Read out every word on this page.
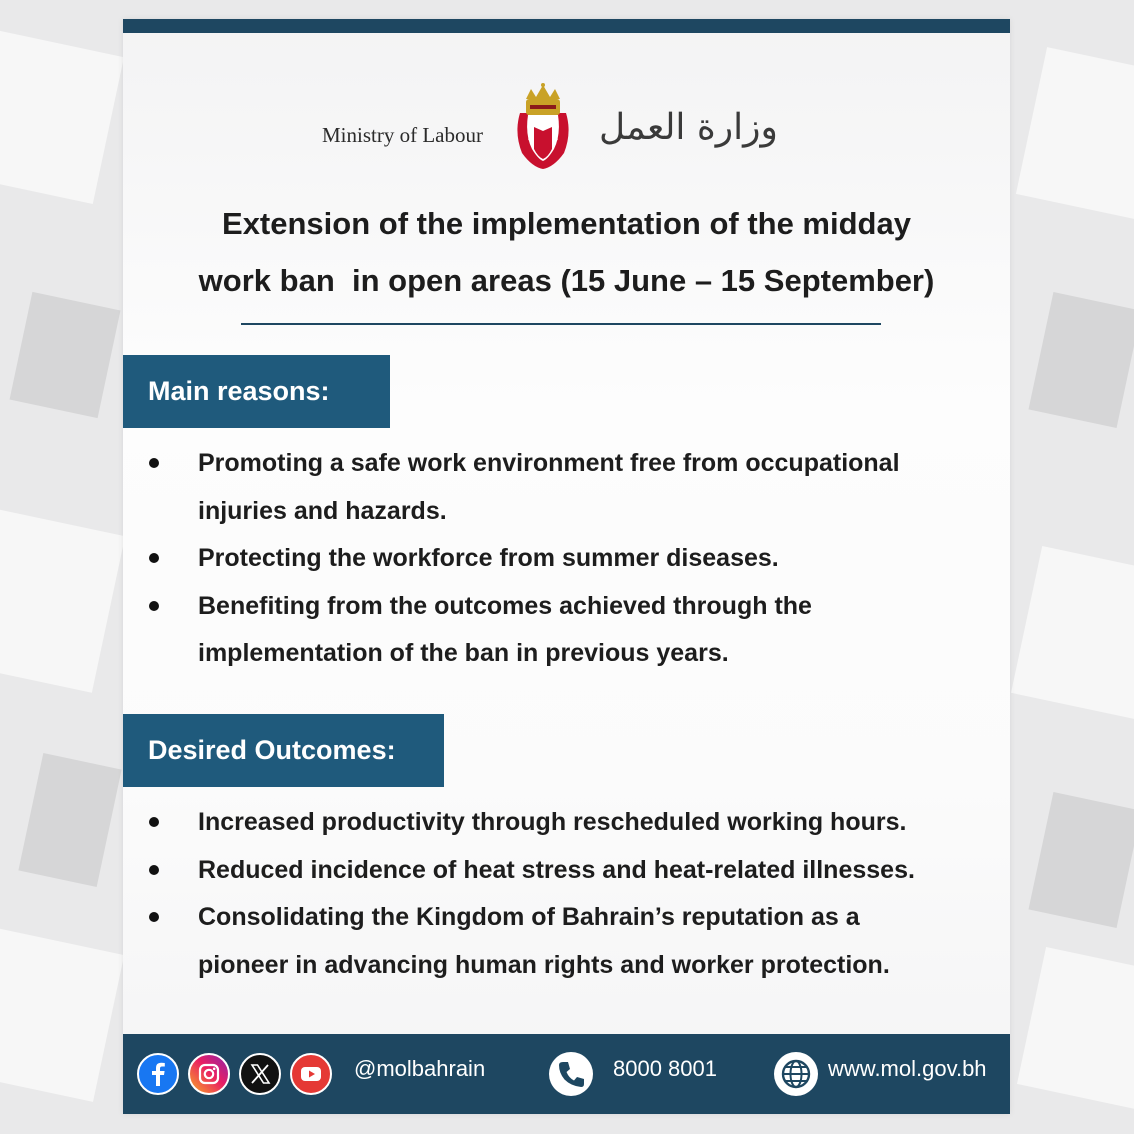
Ministry of Labour	وزارة العمل
Extension of the implementation of the midday
work ban  in open areas (15 June – 15 September)
Main reasons:
Promoting a safe work environment free from occupational injuries and hazards.
Protecting the workforce from summer diseases.
Benefiting from the outcomes achieved through the implementation of the ban in previous years.
Desired Outcomes:
Increased productivity through rescheduled working hours.
Reduced incidence of heat stress and heat-related illnesses.
Consolidating the Kingdom of Bahrain’s reputation as a pioneer in advancing human rights and worker protection.
@molbahrain	8000 8001	www.mol.gov.bh
